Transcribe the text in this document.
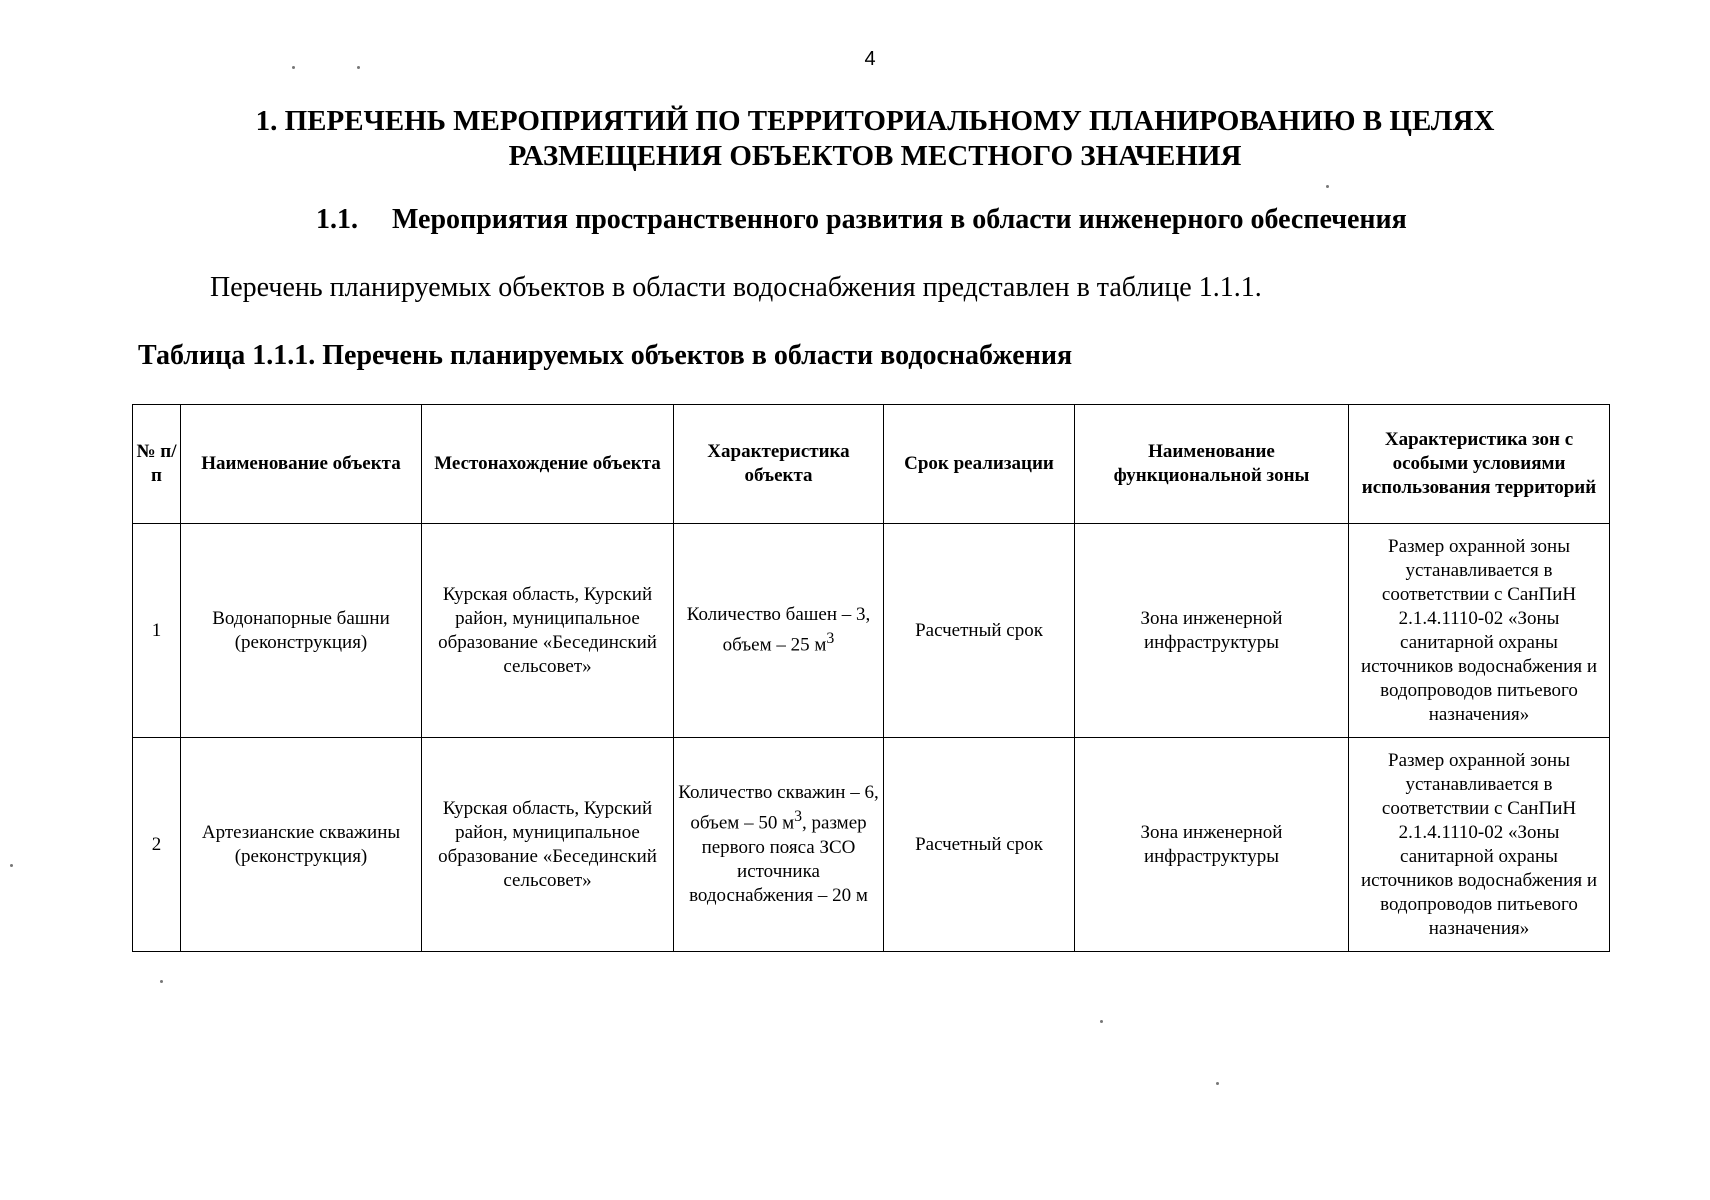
4
1. ПЕРЕЧЕНЬ МЕРОПРИЯТИЙ ПО ТЕРРИТОРИАЛЬНОМУ ПЛАНИРОВАНИЮ В ЦЕЛЯХ РАЗМЕЩЕНИЯ ОБЪЕКТОВ МЕСТНОГО ЗНАЧЕНИЯ
1.1. Мероприятия пространственного развития в области инженерного обеспечения
Перечень планируемых объектов в области водоснабжения представлен в таблице 1.1.1.
Таблица 1.1.1. Перечень планируемых объектов в области водоснабжения
№ п/п	Наименование объекта	Местонахождение объекта	Характеристика объекта	Срок реализации	Наименование функциональной зоны	Характеристика зон с особыми условиями использования территорий
1	Водонапорные башни (реконструкция)	Курская область, Курский район, муниципальное образование «Бесединский сельсовет»	Количество башен – 3, объем – 25 $м^3$	Расчетный срок	Зона инженерной инфраструктуры	Размер охранной зоны устанавливается в соответствии с СанПиН 2.1.4.1110-02 «Зоны санитарной охраны источников водоснабжения и водопроводов питьевого назначения»
2	Артезианские скважины (реконструкция)	Курская область, Курский район, муниципальное образование «Бесединский сельсовет»	Количество скважин – 6, объем – 50 $м^3$, размер первого пояса ЗСО источника водоснабжения – 20 м	Расчетный срок	Зона инженерной инфраструктуры	Размер охранной зоны устанавливается в соответствии с СанПиН 2.1.4.1110-02 «Зоны санитарной охраны источников водоснабжения и водопроводов питьевого назначения»
